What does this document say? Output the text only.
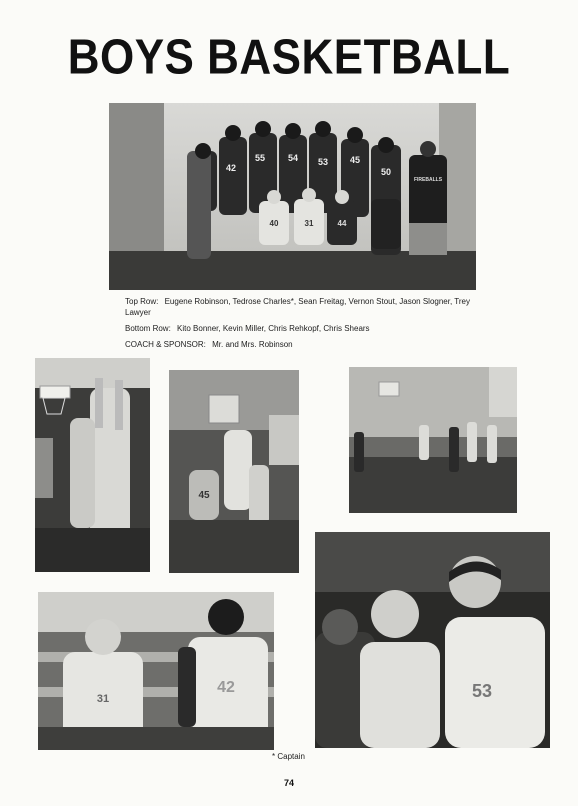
BOYS BASKETBALL
42
55	54 53 45
50
40	31	44
FIREBALLS
Top Row: Eugene Robinson, Tedrose Charles*, Sean Freitag, Vernon Stout, Jason Slogner, Trey Lawyer
Bottom Row: Kito Bonner, Kevin Miller, Chris Rehkopf, Chris Shears
COACH & SPONSOR: Mr. and Mrs. Robinson
45
31
42	53
* Captain
74
